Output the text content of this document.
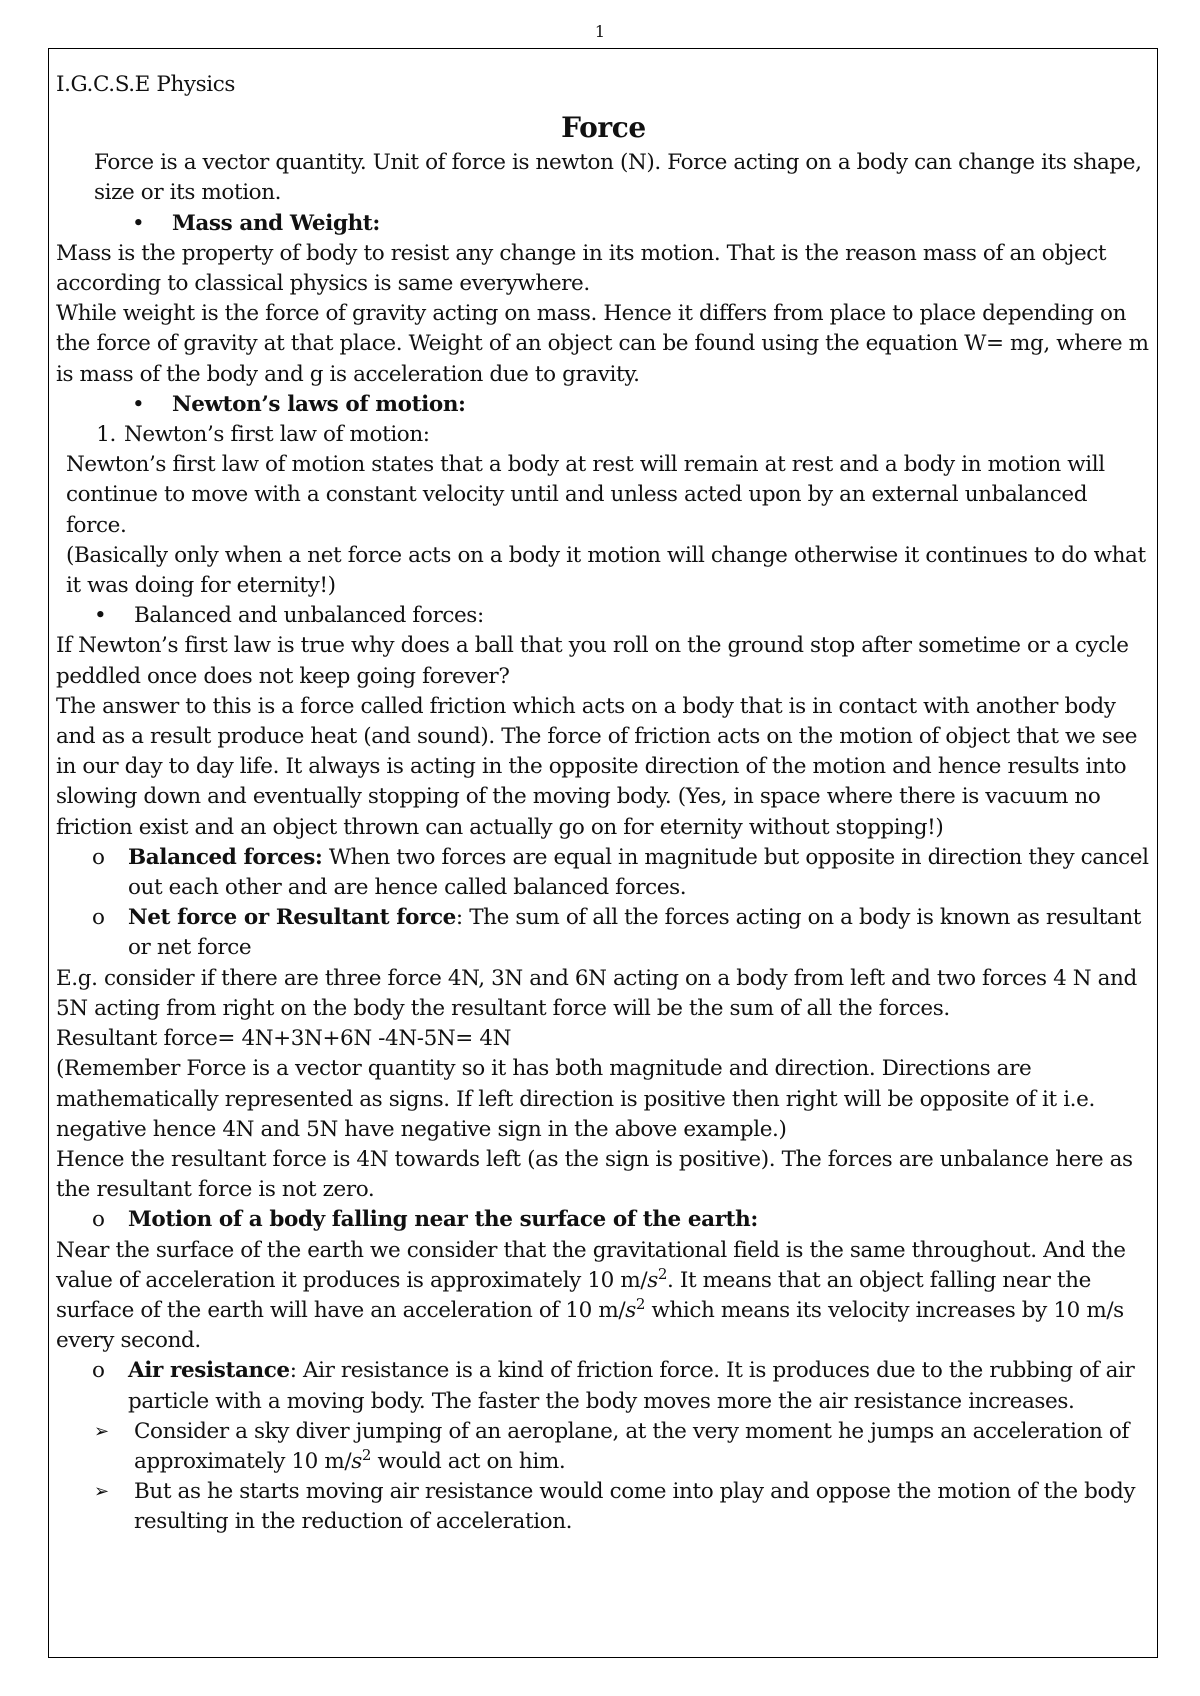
1

I.G.C.S.E Physics

Force

Force is a vector quantity. Unit of force is newton (N). Force acting on a body can change its shape, size or its motion.

•	Mass and Weight:

Mass is the property of body to resist any change in its motion. That is the reason mass of an object according to classical physics is same everywhere.

While weight is the force of gravity acting on mass. Hence it differs from place to place depending on the force of gravity at that place. Weight of an object can be found using the equation W= mg, where m is mass of the body and g is acceleration due to gravity.

•	Newton’s laws of motion:
1. Newton’s first law of motion:

Newton’s first law of motion states that a body at rest will remain at rest and a body in motion will continue to move with a constant velocity until and unless acted upon by an external unbalanced force.

(Basically only when a net force acts on a body it motion will change otherwise it continues to do what it was doing for eternity!)

•	Balanced and unbalanced forces:

If Newton’s first law is true why does a ball that you roll on the ground stop after sometime or a cycle peddled once does not keep going forever?

The answer to this is a force called friction which acts on a body that is in contact with another body and as a result produce heat (and sound). The force of friction acts on the motion of object that we see in our day to day life. It always is acting in the opposite direction of the motion and hence results into slowing down and eventually stopping of the moving body. (Yes, in space where there is vacuum no friction exist and an object thrown can actually go on for eternity without stopping!)

o	Balanced forces: When two forces are equal in magnitude but opposite in direction they cancel out each other and are hence called balanced forces.
o	Net force or Resultant force: The sum of all the forces acting on a body is known as resultant or net force

E.g. consider if there are three force 4N, 3N and 6N acting on a body from left and two forces 4 N and 5N acting from right on the body the resultant force will be the sum of all the forces.

Resultant force= 4N+3N+6N -4N-5N= 4N

(Remember Force is a vector quantity so it has both magnitude and direction. Directions are mathematically represented as signs. If left direction is positive then right will be opposite of it i.e. negative hence 4N and 5N have negative sign in the above example.)

Hence the resultant force is 4N towards left (as the sign is positive). The forces are unbalance here as the resultant force is not zero.

o	Motion of a body falling near the surface of the earth:

Near the surface of the earth we consider that the gravitational field is the same throughout. And the value of acceleration it produces is approximately 10 $m/s^2$. It means that an object falling near the surface of the earth will have an acceleration of 10 $m/s^2$ which means its velocity increases by 10 m/s every second.

o	Air resistance: Air resistance is a kind of friction force. It is produces due to the rubbing of air particle with a moving body. The faster the body moves more the air resistance increases.
➢	Consider a sky diver jumping of an aeroplane, at the very moment he jumps an acceleration of approximately 10 $m/s^2$ would act on him.
➢	But as he starts moving air resistance would come into play and oppose the motion of the body resulting in the reduction of acceleration.
